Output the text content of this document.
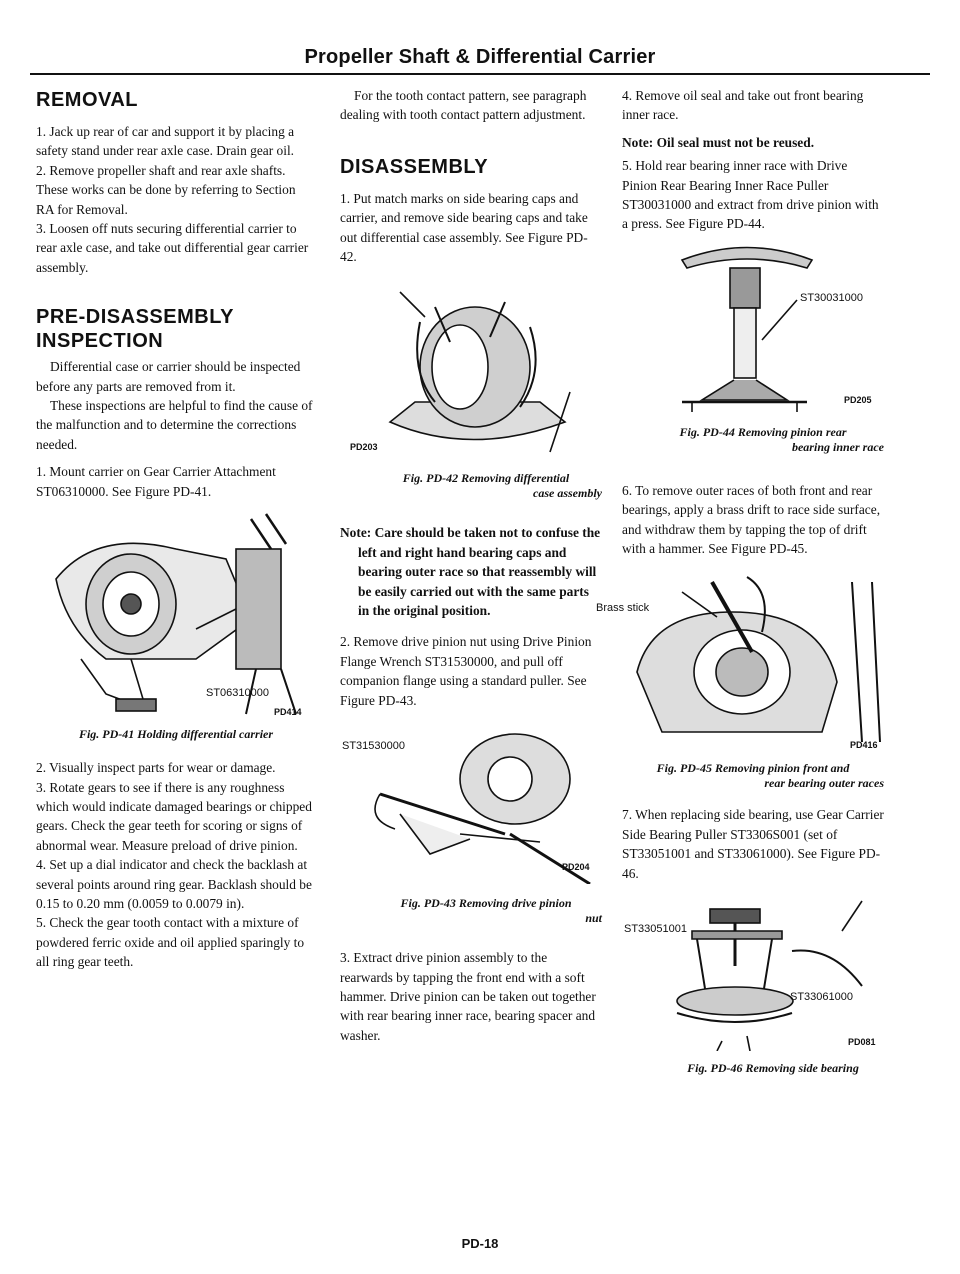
Propeller Shaft & Differential Carrier
REMOVAL

1. Jack up rear of car and support it by placing a safety stand under rear axle case. Drain gear oil.

2. Remove propeller shaft and rear axle shafts. These works can be done by referring to Section RA for Removal.

3. Loosen off nuts securing differential carrier to rear axle case, and take out differential gear carrier assembly.

PRE-DISASSEMBLY
INSPECTION

Differential case or carrier should be inspected before any parts are removed from it.

These inspections are helpful to find the cause of the malfunction and to determine the corrections needed.

1. Mount carrier on Gear Carrier Attachment ST06310000. See Figure PD-41.

ST06310000
PD414

Fig. PD-41 Holding differential carrier

2. Visually inspect parts for wear or damage.

3. Rotate gears to see if there is any roughness which would indicate damaged bearings or chipped gears. Check the gear teeth for scoring or signs of abnormal wear. Measure preload of drive pinion.

4. Set up a dial indicator and check the backlash at several points around ring gear. Backlash should be 0.15 to 0.20 mm (0.0059 to 0.0079 in).

5. Check the gear tooth contact with a mixture of powdered ferric oxide and oil applied sparingly to all ring gear teeth.

For the tooth contact pattern, see paragraph dealing with tooth contact pattern adjustment.

DISASSEMBLY

1. Put match marks on side bearing caps and carrier, and remove side bearing caps and take out differential case assembly. See Figure PD-42.

PD203

Fig. PD-42 Removing differential

case assembly

Note: Care should be taken not to confuse the left and right hand bearing caps and bearing outer race so that reassembly will be easily carried out with the same parts in the original position.

2. Remove drive pinion nut using Drive Pinion Flange Wrench ST31530000, and pull off companion flange using a standard puller. See Figure PD-43.

ST31530000
PD204

Fig. PD-43 Removing drive pinion

nut

3. Extract drive pinion assembly to the rearwards by tapping the front end with a soft hammer. Drive pinion can be taken out together with rear bearing inner race, bearing spacer and washer.

4. Remove oil seal and take out front bearing inner race.

Note: Oil seal must not be reused.

5. Hold rear bearing inner race with Drive Pinion Rear Bearing Inner Race Puller ST30031000 and extract from drive pinion with a press. See Figure PD-44.

ST30031000
PD205

Fig. PD-44 Removing pinion rear

bearing inner race

6. To remove outer races of both front and rear bearings, apply a brass drift to race side surface, and withdraw them by tapping the top of drift with a hammer. See Figure PD-45.

Brass stick
PD416

Fig. PD-45 Removing pinion front and

rear bearing outer races

7. When replacing side bearing, use Gear Carrier Side Bearing Puller ST3306S001 (set of ST33051001 and ST33061000). See Figure PD-46.

ST33051001
ST33061000
PD081

Fig. PD-46 Removing side bearing

PD-18
